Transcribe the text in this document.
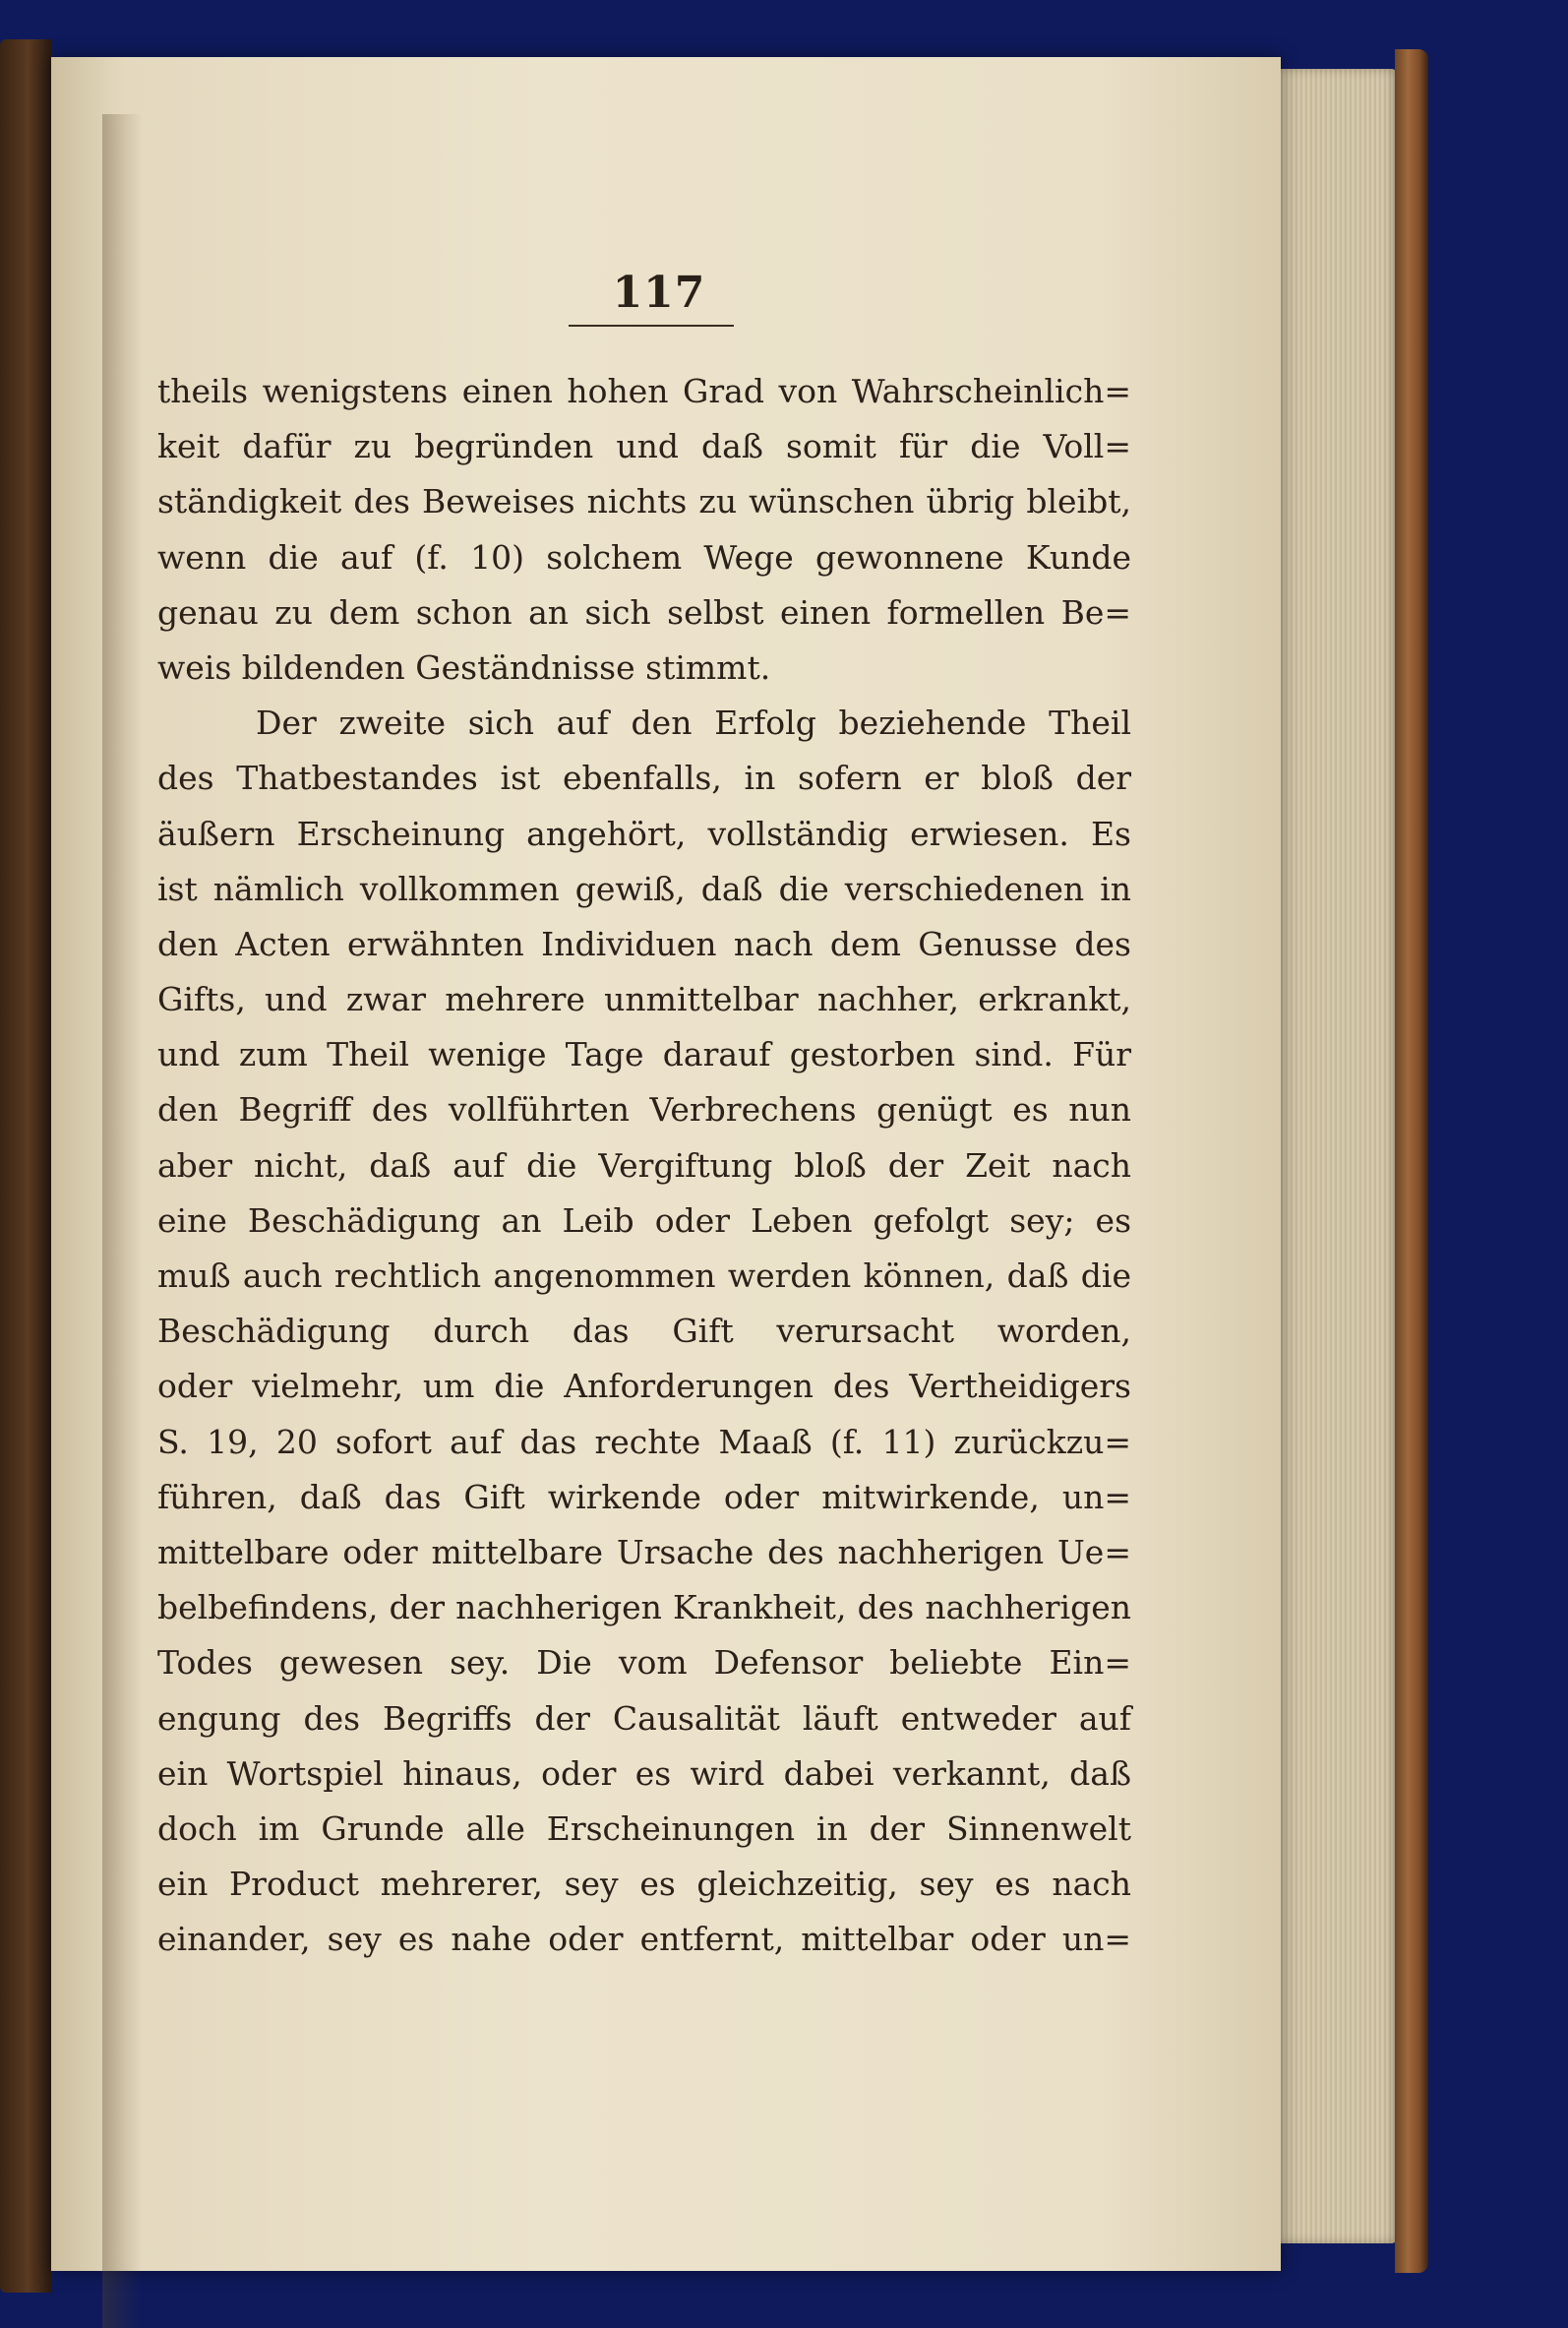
117
theils wenigstens einen hohen Grad von Wahrscheinlich=
keit dafür zu begründen und daß somit für die Voll=
ständigkeit des Beweises nichts zu wünschen übrig bleibt,
wenn die auf (f. 10) solchem Wege gewonnene Kunde
genau zu dem schon an sich selbst einen formellen Be=
weis bildenden Geständnisse stimmt.
Der zweite sich auf den Erfolg beziehende Theil
des Thatbestandes ist ebenfalls, in sofern er bloß der
äußern Erscheinung angehört, vollständig erwiesen. Es
ist nämlich vollkommen gewiß, daß die verschiedenen in
den Acten erwähnten Individuen nach dem Genusse des
Gifts, und zwar mehrere unmittelbar nachher, erkrankt,
und zum Theil wenige Tage darauf gestorben sind. Für
den Begriff des vollführten Verbrechens genügt es nun
aber nicht, daß auf die Vergiftung bloß der Zeit nach
eine Beschädigung an Leib oder Leben gefolgt sey; es
muß auch rechtlich angenommen werden können, daß die
Beschädigung durch das Gift verursacht worden,
oder vielmehr, um die Anforderungen des Vertheidigers
S. 19, 20 sofort auf das rechte Maaß (f. 11) zurückzu=
führen, daß das Gift wirkende oder mitwirkende, un=
mittelbare oder mittelbare Ursache des nachherigen Ue=
belbefindens, der nachherigen Krankheit, des nachherigen
Todes gewesen sey. Die vom Defensor beliebte Ein=
engung des Begriffs der Causalität läuft entweder auf
ein Wortspiel hinaus, oder es wird dabei verkannt, daß
doch im Grunde alle Erscheinungen in der Sinnenwelt
ein Product mehrerer, sey es gleichzeitig, sey es nach
einander, sey es nahe oder entfernt, mittelbar oder un=
